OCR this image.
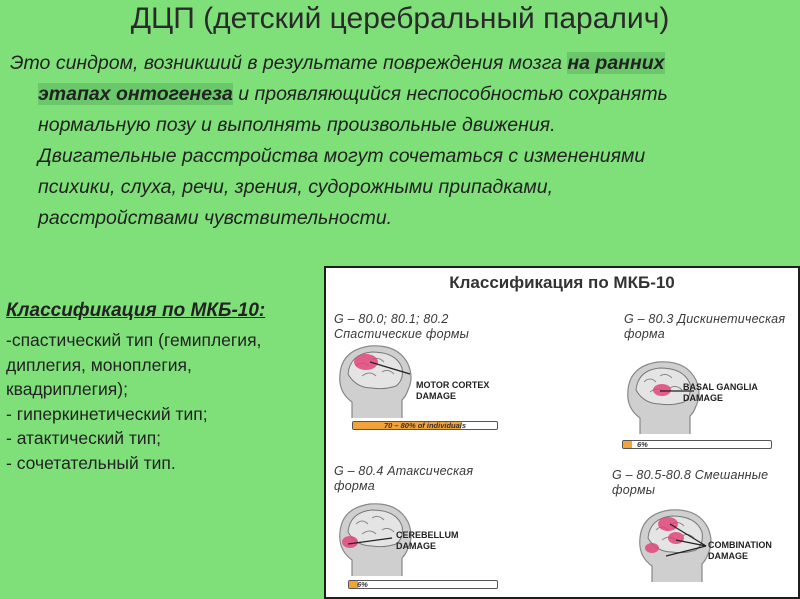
ДЦП (детский церебральный паралич)
Это синдром, возникший в результате повреждения мозга на ранних
этапах онтогенеза и проявляющийся неспособностью сохранять
нормальную позу и выполнять произвольные движения.
Двигательные расстройства могут сочетаться с изменениями
психики, слуха, речи, зрения, судорожными припадками,
расстройствами чувствительности.
Классификация по МКБ-10:
-спастический тип (гемиплегия,
диплегия, моноплегия,
квадриплегия);
- гиперкинетический тип;
- атактический тип;
- сочетательный тип.
Классификация по МКБ-10
G – 80.0; 80.1; 80.2
Спастические формы
MOTOR CORTEX
DAMAGE
70 – 80% of individuals
G – 80.3 Дискинетическая
форма
BASAL GANGLIA
DAMAGE
6%
G – 80.4 Атаксическая
форма
CEREBELLUM
DAMAGE
6%
G – 80.5-80.8 Смешанные
формы
COMBINATION
DAMAGE
